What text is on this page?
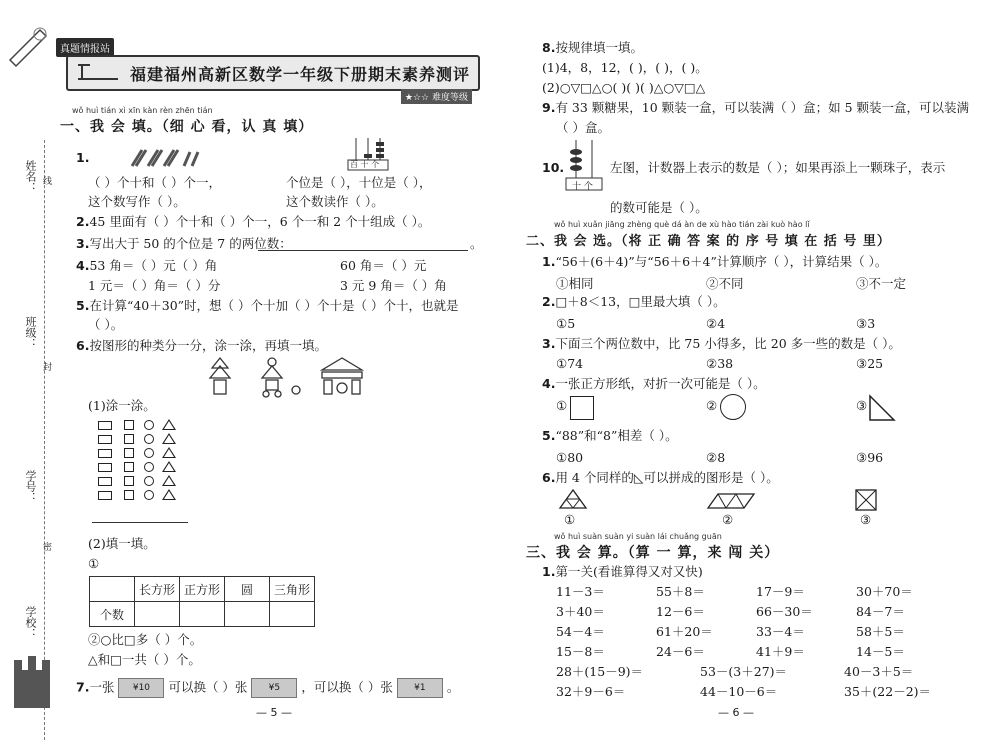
姓名：
班级：
学号：
学校：
线
封
密
真题情报站
福建福州高新区数学一年级下册期末素养测评
★☆☆ 难度等级
wǒ huì tián xì xīn kàn rèn zhēn tián
一、我 会 填。（细 心 看，认 真 填）
1.	百 十 个
（ ）个十和（ ）个一，	个位是（ ），十位是（ ），
这个数写作（ ）。	这个数读作（ ）。
2.45 里面有（ ）个十和（ ）个一，6 个一和 2 个十组成（ ）。
3.写出大于 50 的个位是 7 的两位数：	。
4.53 角＝（ ）元（ ）角	60 角＝（ ）元
1 元＝（ ）角＝（ ）分	3 元 9 角＝（ ）角
5.在计算“40＋30”时，想（ ）个十加（ ）个十是（ ）个十，也就是
（ ）。
6.按图形的种类分一分，涂一涂，再填一填。
(1)涂一涂。
(2)填一填。
①
	长方形	正方形	圆	三角形
个数				
②○比□多（ ）个。
△和□一共（ ）个。
7.一张 ¥10 可以换（ ）张 ¥5 ，可以换（ ）张 ¥1 。
— 5 —
8.按规律填一填。
(1)4，8，12，( )，( )，( )。
(2)○▽□△○( )( )( )△○▽□△
9.有 33 颗糖果，10 颗装一盒，可以装满（ ）盒；如 5 颗装一盒，可以装满
（ ）盒。
10.
十 个
左图，计数器上表示的数是（ ）；如果再添上一颗珠子，表示
的数可能是（ ）。
wǒ huì xuǎn jiāng zhèng què dá àn de xù hào tián zài kuò hào lǐ
二、我 会 选。（将 正 确 答 案 的 序 号 填 在 括 号 里）
1.“56＋(6＋4)”与“56＋6＋4”计算顺序（ ），计算结果（ ）。
①相同	②不同	③不一定
2.□＋8＜13，□里最大填（ ）。
①5	②4	③3
3.下面三个两位数中，比 75 小得多，比 20 多一些的数是（ ）。
①74	②38	③25
4.一张正方形纸，对折一次可能是（ ）。
①	②	③
5.“88”和“8”相差（ ）。
①80	②8	③96
6.用 4 个同样的◺可以拼成的图形是（ ）。
①	②	③
wǒ huì suàn suàn yi suàn lái chuǎng guān
三、我 会 算。（算 一 算，来 闯 关）
1.第一关(看谁算得又对又快)
11－3＝	55＋8＝	17－9＝	30＋70＝
3＋40＝	12－6＝	66－30＝	84－7＝
54－4＝	61＋20＝	33－4＝	58＋5＝
15－8＝	24－6＝	41＋9＝	14－5＝
28＋(15－9)＝	53－(3＋27)＝	40－3＋5＝
32＋9－6＝	44－10－6＝	35＋(22－2)＝
— 6 —
